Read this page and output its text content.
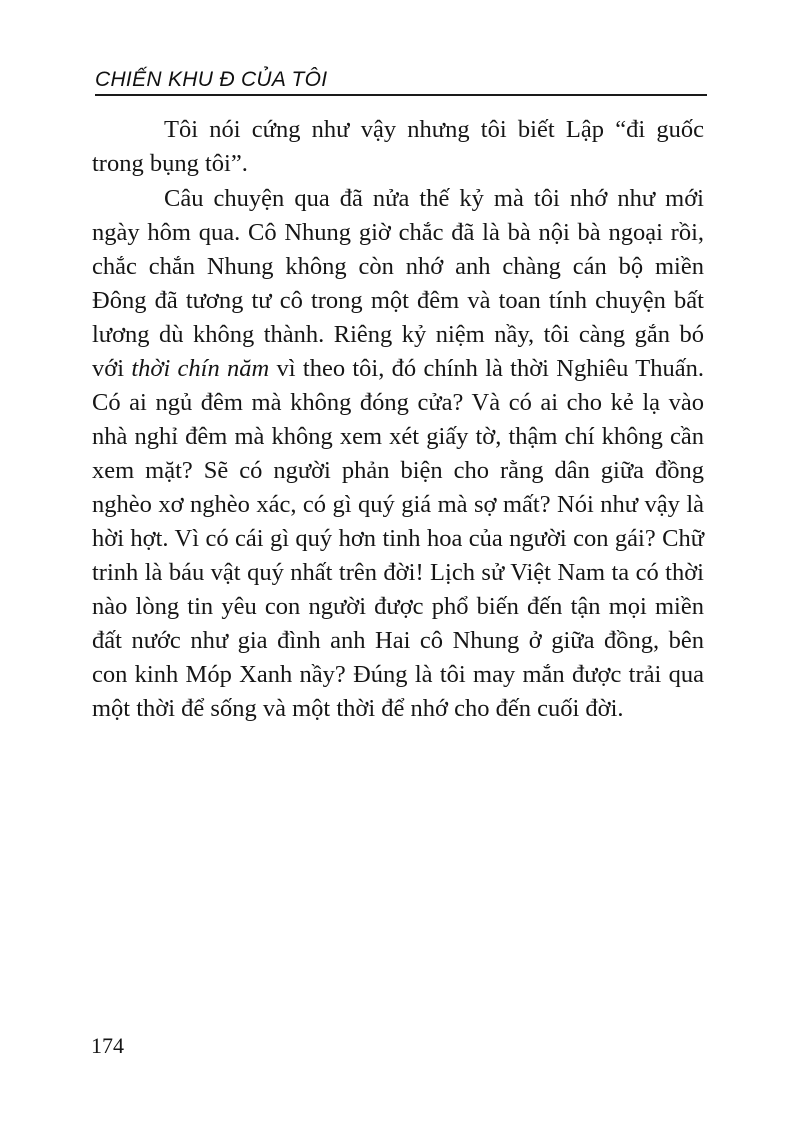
CHIẾN KHU Đ CỦA TÔI

Tôi nói cứng như vậy nhưng tôi biết Lập “đi guốc trong bụng tôi”.

Câu chuyện qua đã nửa thế kỷ mà tôi nhớ như mới ngày hôm qua. Cô Nhung giờ chắc đã là bà nội bà ngoại rồi, chắc chắn Nhung không còn nhớ anh chàng cán bộ miền Đông đã tương tư cô trong một đêm và toan tính chuyện bất lương dù không thành. Riêng kỷ niệm nầy, tôi càng gắn bó với thời chín năm vì theo tôi, đó chính là thời Nghiêu Thuấn. Có ai ngủ đêm mà không đóng cửa? Và có ai cho kẻ lạ vào nhà nghỉ đêm mà không xem xét giấy tờ, thậm chí không cần xem mặt? Sẽ có người phản biện cho rằng dân giữa đồng nghèo xơ nghèo xác, có gì quý giá mà sợ mất? Nói như vậy là hời hợt. Vì có cái gì quý hơn tinh hoa của người con gái? Chữ trinh là báu vật quý nhất trên đời! Lịch sử Việt Nam ta có thời nào lòng tin yêu con người được phổ biến đến tận mọi miền đất nước như gia đình anh Hai cô Nhung ở giữa đồng, bên con kinh Móp Xanh nầy? Đúng là tôi may mắn được trải qua một thời để sống và một thời để nhớ cho đến cuối đời.

174
